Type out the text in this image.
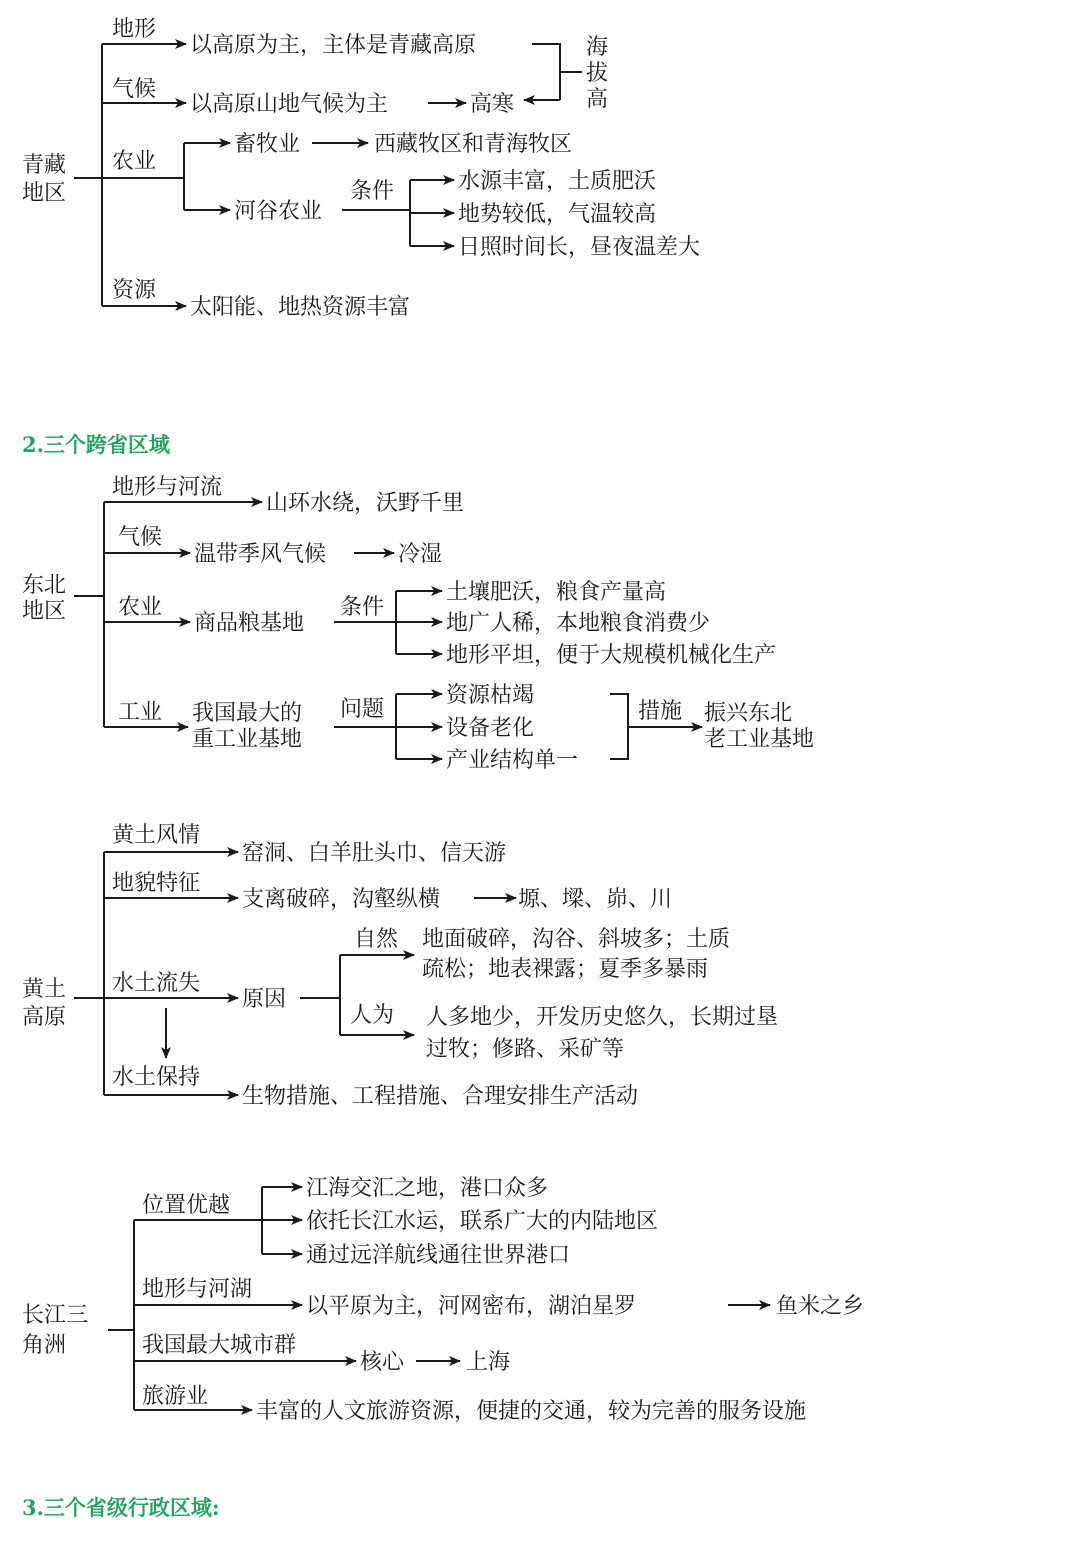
青藏
地区
地形
以高原为主，主体是青藏高原
气候
以高原山地气候为主	高寒
海
拔
高
农业
畜牧业	西藏牧区和青海牧区
河谷农业
条件	水源丰富，土质肥沃
地势较低，气温较高
日照时间长，昼夜温差大
资源
太阳能、地热资源丰富
2.三个跨省区域
东北
地区
地形与河流
山环水绕，沃野千里
气候
温带季风气候	冷湿
农业
商品粮基地
条件
土壤肥沃，粮食产量高
地广人稀，本地粮食消费少
地形平坦，便于大规模机械化生产
工业 我国最大的
重工业基地
问题
资源枯竭
设备老化
产业结构单一
措施 振兴东北
老工业基地
黄土
高原
黄土风情
窑洞、白羊肚头巾、信天游
地貌特征
支离破碎，沟壑纵横	塬、墚、峁、川
水土流失
原因
自然 地面破碎，沟谷、斜坡多；土质
疏松；地表裸露；夏季多暴雨
人为 人多地少，开发历史悠久，长期过垦
过牧；修路、采矿等
水土保持
生物措施、工程措施、合理安排生产活动
长江三
角洲
位置优越
江海交汇之地，港口众多
依托长江水运，联系广大的内陆地区
通过远洋航线通往世界港口
地形与河湖
以平原为主，河网密布，湖泊星罗	鱼米之乡
我国最大城市群
核心	上海
旅游业
丰富的人文旅游资源，便捷的交通，较为完善的服务设施
3.三个省级行政区域:
